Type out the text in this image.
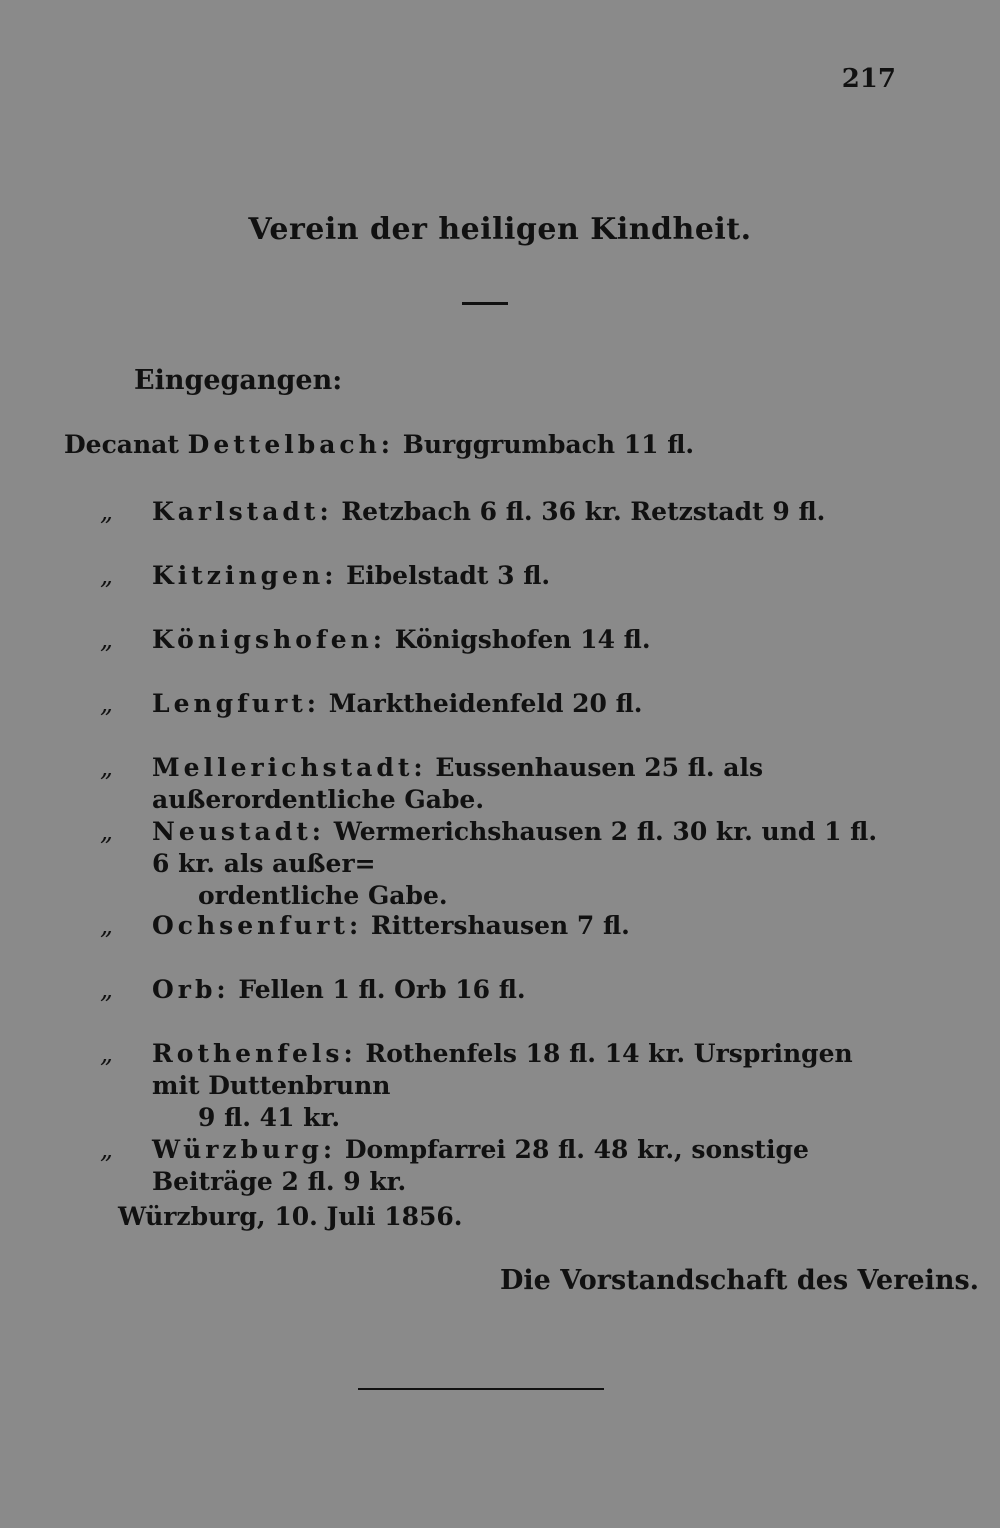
217
Verein der heiligen Kindheit.
Eingegangen:
Decanat Dettelbach: Burggrumbach 11 fl.
„	Karlstadt: Retzbach 6 fl. 36 kr. Retzstadt 9 fl.
„	Kitzingen: Eibelstadt 3 fl.
„	Königshofen: Königshofen 14 fl.
„	Lengfurt: Marktheidenfeld 20 fl.
„	Mellerichstadt: Eussenhausen 25 fl. als außerordentliche Gabe.
„	Neustadt: Wermerichshausen 2 fl. 30 kr. und 1 fl. 6 kr. als außer=
ordentliche Gabe.
„	Ochsenfurt: Rittershausen 7 fl.
„	Orb: Fellen 1 fl. Orb 16 fl.
„	Rothenfels: Rothenfels 18 fl. 14 kr. Urspringen mit Duttenbrunn
9 fl. 41 kr.
„	Würzburg: Dompfarrei 28 fl. 48 kr., sonstige Beiträge 2 fl. 9 kr.
Würzburg, 10. Juli 1856.
Die Vorstandschaft des Vereins.
